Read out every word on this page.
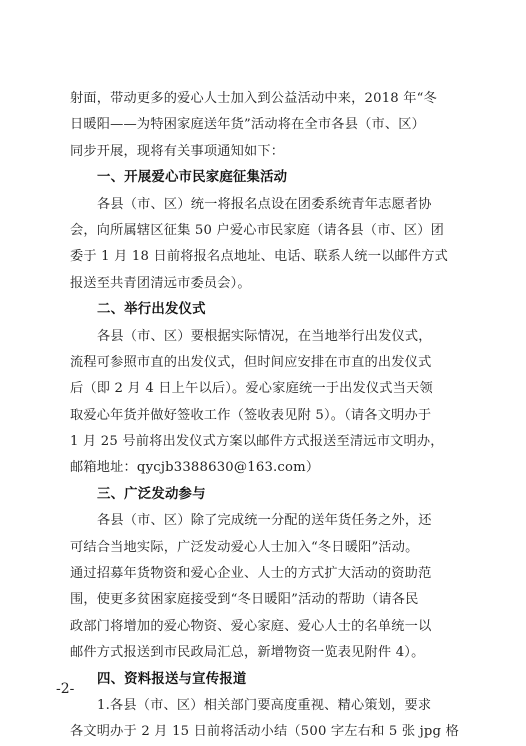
射面，带动更多的爱心人士加入到公益活动中来，2018 年“冬
日暖阳——为特困家庭送年货”活动将在全市各县（市、区）
同步开展，现将有关事项通知如下：
一、开展爱心市民家庭征集活动
各县（市、区）统一将报名点设在团委系统青年志愿者协
会，向所属辖区征集 50 户爱心市民家庭（请各县（市、区）团
委于 1 月 18 日前将报名点地址、电话、联系人统一以邮件方式
报送至共青团清远市委员会）。
二、举行出发仪式
各县（市、区）要根据实际情况，在当地举行出发仪式，
流程可参照市直的出发仪式，但时间应安排在市直的出发仪式
后（即 2 月 4 日上午以后）。爱心家庭统一于出发仪式当天领
取爱心年货并做好签收工作（签收表见附 5）。（请各文明办于
1 月 25 号前将出发仪式方案以邮件方式报送至清远市文明办，
邮箱地址：qycjb3388630@163.com）
三、广泛发动参与
各县（市、区）除了完成统一分配的送年货任务之外，还
可结合当地实际，广泛发动爱心人士加入“冬日暖阳”活动。
通过招募年货物资和爱心企业、人士的方式扩大活动的资助范
围，使更多贫困家庭接受到“冬日暖阳”活动的帮助（请各民
政部门将增加的爱心物资、爱心家庭、爱心人士的名单统一以
邮件方式报送到市民政局汇总，新增物资一览表见附件 4）。
四、资料报送与宣传报道
1.各县（市、区）相关部门要高度重视、精心策划，要求
各文明办于 2 月 15 日前将活动小结（500 字左右和 5 张 jpg 格
-2-
